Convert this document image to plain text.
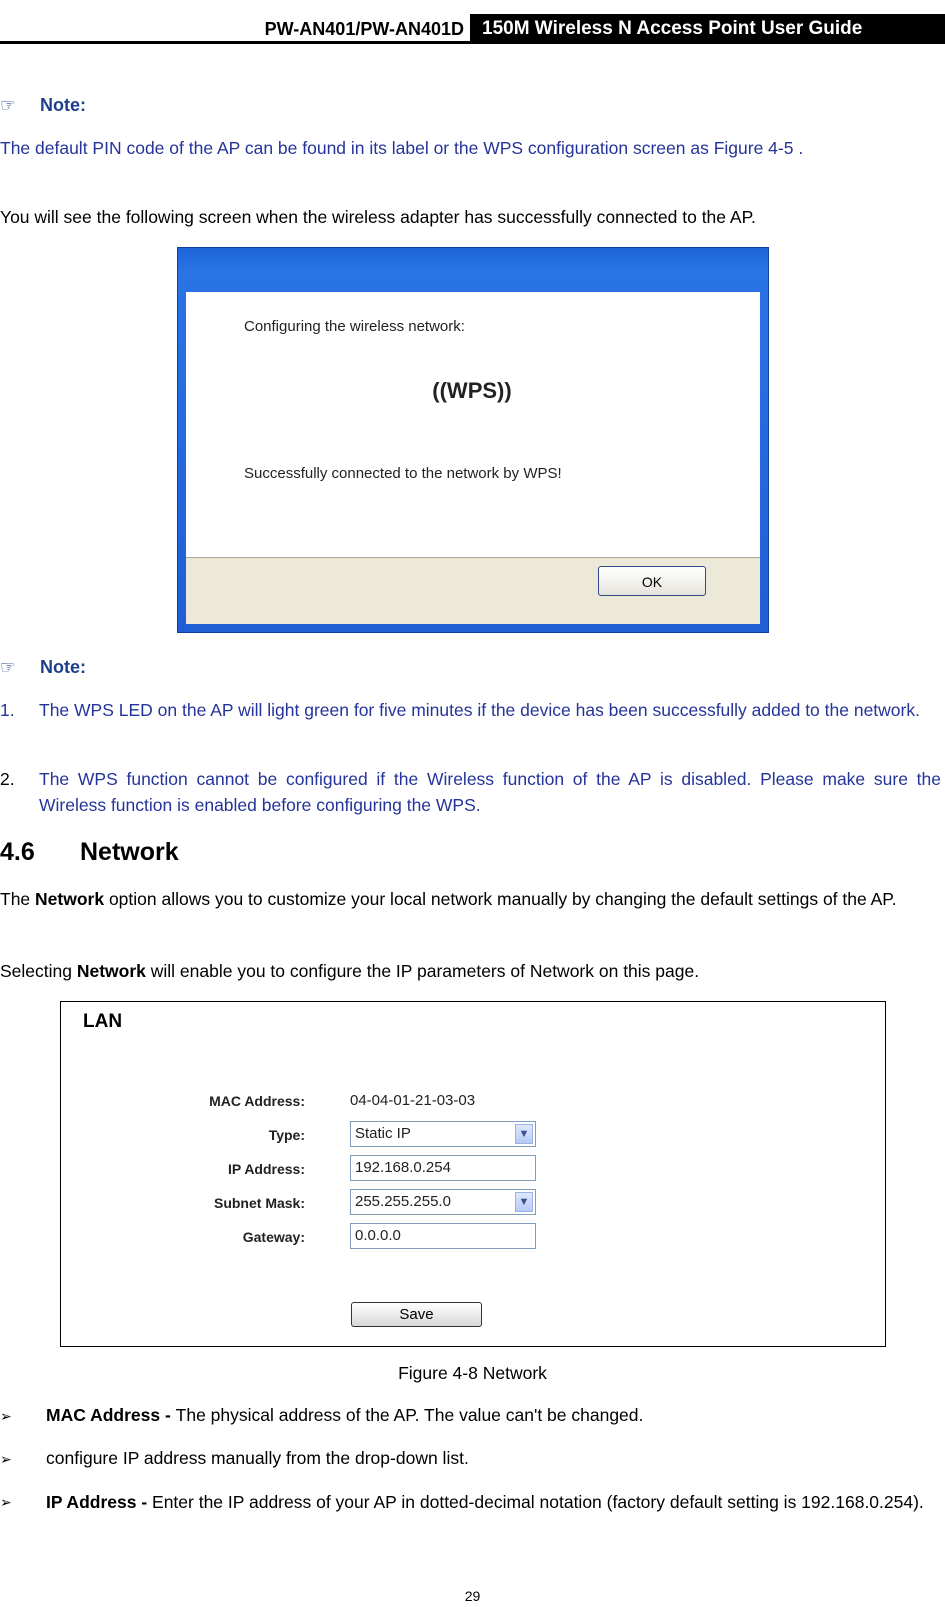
PW-AN401/PW-AN401D 150M Wireless N Access Point User Guide
☞ Note:
The default PIN code of the AP can be found in its label or the WPS configuration screen as Figure 4-5 .
You will see the following screen when the wireless adapter has successfully connected to the AP.
Configuring the wireless network:
((WPS))
Successfully connected to the network by WPS!
OK
☞ Note:
1. The WPS LED on the AP will light green for five minutes if the device has been successfully added to the network.
2. The WPS function cannot be configured if the Wireless function of the AP is disabled. Please make sure the Wireless function is enabled before configuring the WPS.
4.6 Network
The Network option allows you to customize your local network manually by changing the default settings of the AP.
Selecting Network will enable you to configure the IP parameters of Network on this page.
LAN
MAC Address:	04-04-01-21-03-03
Type:	Static IP	▼
IP Address:	192.168.0.254
Subnet Mask:	255.255.255.0	▼
Gateway:	0.0.0.0
Save
Figure 4-8 Network
➢ MAC Address - The physical address of the AP. The value can't be changed.
➢ configure IP address manually from the drop-down list.
➢ IP Address - Enter the IP address of your AP in dotted-decimal notation (factory default setting is 192.168.0.254).
29
